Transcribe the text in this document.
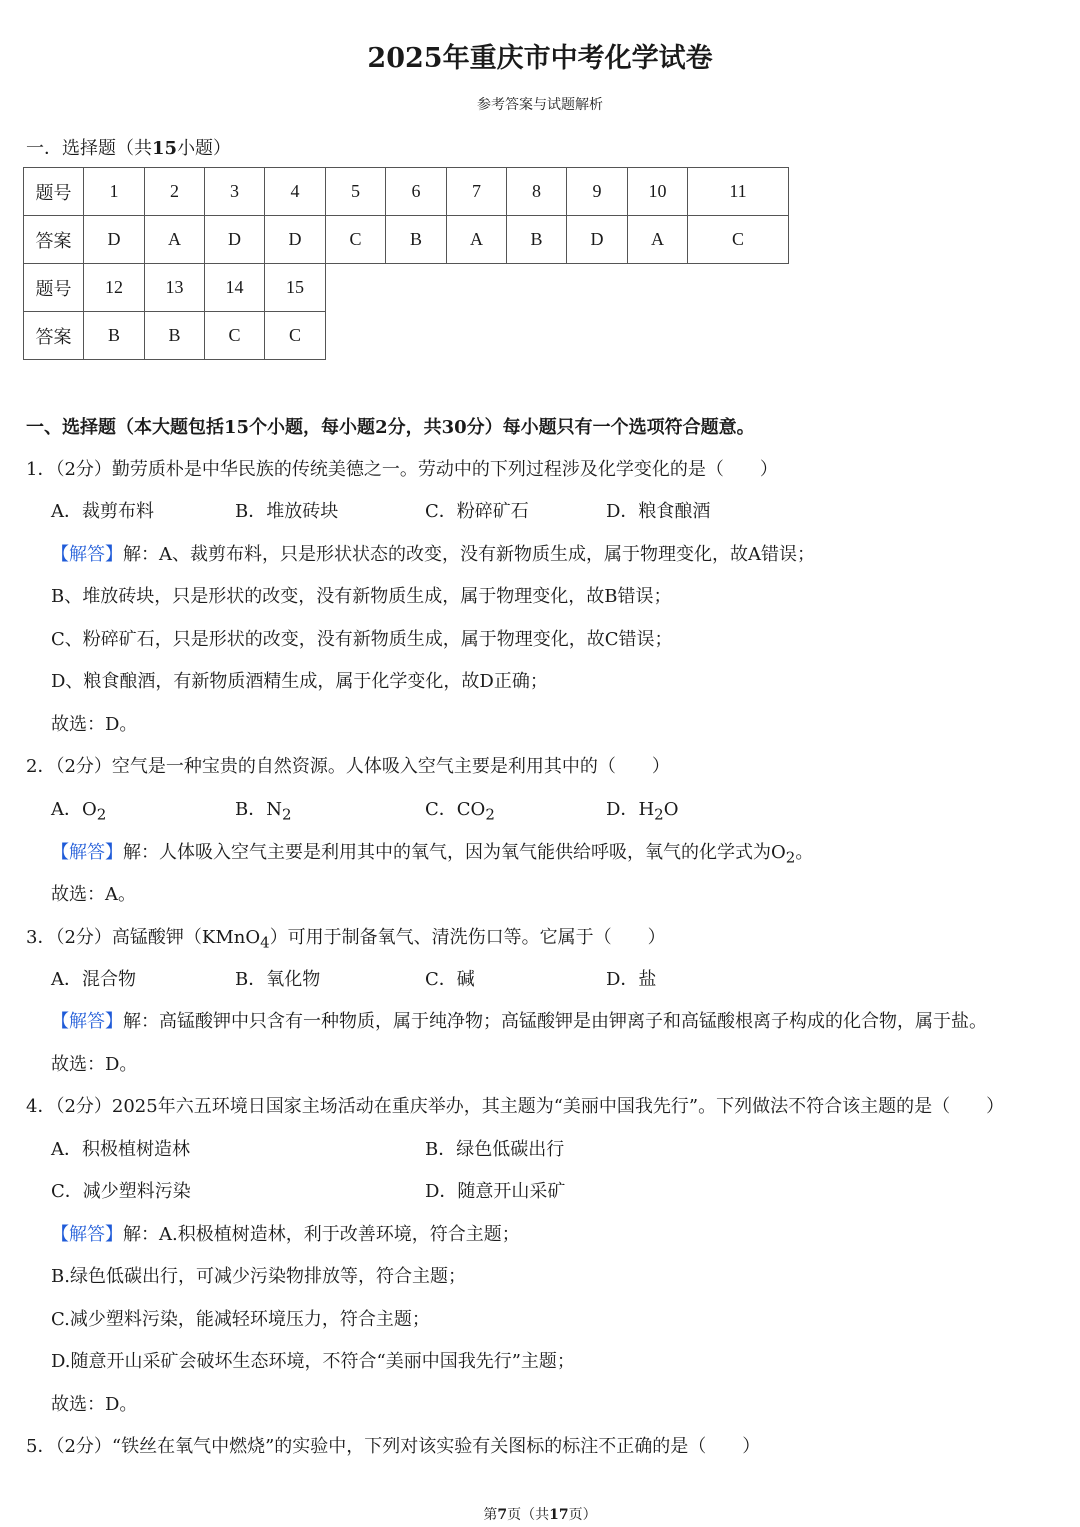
2025年重庆市中考化学试卷
参考答案与试题解析
一．选择题（共15小题）
题号	1	2	3	4	5	6	7	8	9	10	11
答案	D	A	D	D	C	B	A	B	D	A	C
题号	12	13	14	15
答案	B	B	C	C
一、选择题（本大题包括15个小题，每小题2分，共30分）每小题只有一个选项符合题意。
1．（2分）勤劳质朴是中华民族的传统美德之一。劳动中的下列过程涉及化学变化的是（　　）
A．裁剪布料	B．堆放砖块	C．粉碎矿石	D．粮食酿酒
【解答】解：A、裁剪布料，只是形状状态的改变，没有新物质生成，属于物理变化，故A错误；
B、堆放砖块，只是形状的改变，没有新物质生成，属于物理变化，故B错误；
C、粉碎矿石，只是形状的改变，没有新物质生成，属于物理变化，故C错误；
D、粮食酿酒，有新物质酒精生成，属于化学变化，故D正确；
故选：D。
2．（2分）空气是一种宝贵的自然资源。人体吸入空气主要是利用其中的（　　）
A．$O_2$	B．$N_2$	C．$CO_2$	D．$H_2O$
【解答】解：人体吸入空气主要是利用其中的氧气，因为氧气能供给呼吸，氧气的化学式为$O_2$。
故选：A。
3．（2分）高锰酸钾（KMnO$_4$）可用于制备氧气、清洗伤口等。它属于（　　）
A．混合物	B．氧化物	C．碱	D．盐
【解答】解：高锰酸钾中只含有一种物质，属于纯净物；高锰酸钾是由钾离子和高锰酸根离子构成的化合物，属于盐。
故选：D。
4．（2分）2025年六五环境日国家主场活动在重庆举办，其主题为“美丽中国我先行”。下列做法不符合该主题的是（　　）
A．积极植树造林	B．绿色低碳出行
C．减少塑料污染	D．随意开山采矿
【解答】解：A.积极植树造林，利于改善环境，符合主题；
B.绿色低碳出行，可减少污染物排放等，符合主题；
C.减少塑料污染，能减轻环境压力，符合主题；
D.随意开山采矿会破坏生态环境，不符合“美丽中国我先行”主题；
故选：D。
5．（2分）“铁丝在氧气中燃烧”的实验中，下列对该实验有关图标的标注不正确的是（　　）
第7页（共17页）
